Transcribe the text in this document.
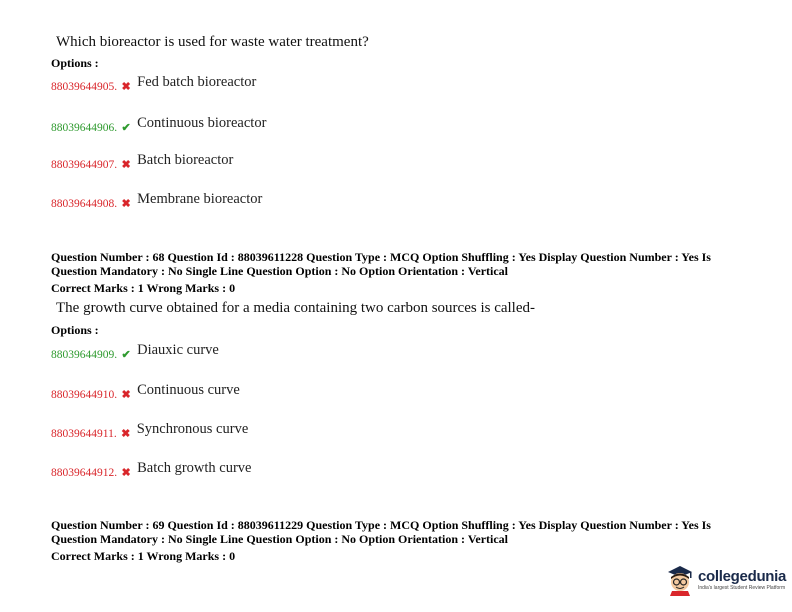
Which bioreactor is used for waste water treatment?
Options :
88039644905. ✖ Fed batch bioreactor
88039644906. ✔ Continuous bioreactor
88039644907. ✖ Batch bioreactor
88039644908. ✖ Membrane bioreactor
Question Number : 68 Question Id : 88039611228 Question Type : MCQ Option Shuffling : Yes Display Question Number : Yes Is
Question Mandatory : No Single Line Question Option : No Option Orientation : Vertical
Correct Marks : 1 Wrong Marks : 0
The growth curve obtained for a media containing two carbon sources is called-
Options :
88039644909. ✔ Diauxic curve
88039644910. ✖ Continuous curve
88039644911. ✖ Synchronous curve
88039644912. ✖ Batch growth curve
Question Number : 69 Question Id : 88039611229 Question Type : MCQ Option Shuffling : Yes Display Question Number : Yes Is
Question Mandatory : No Single Line Question Option : No Option Orientation : Vertical
Correct Marks : 1 Wrong Marks : 0
collegedunia
India's largest Student Review Platform
